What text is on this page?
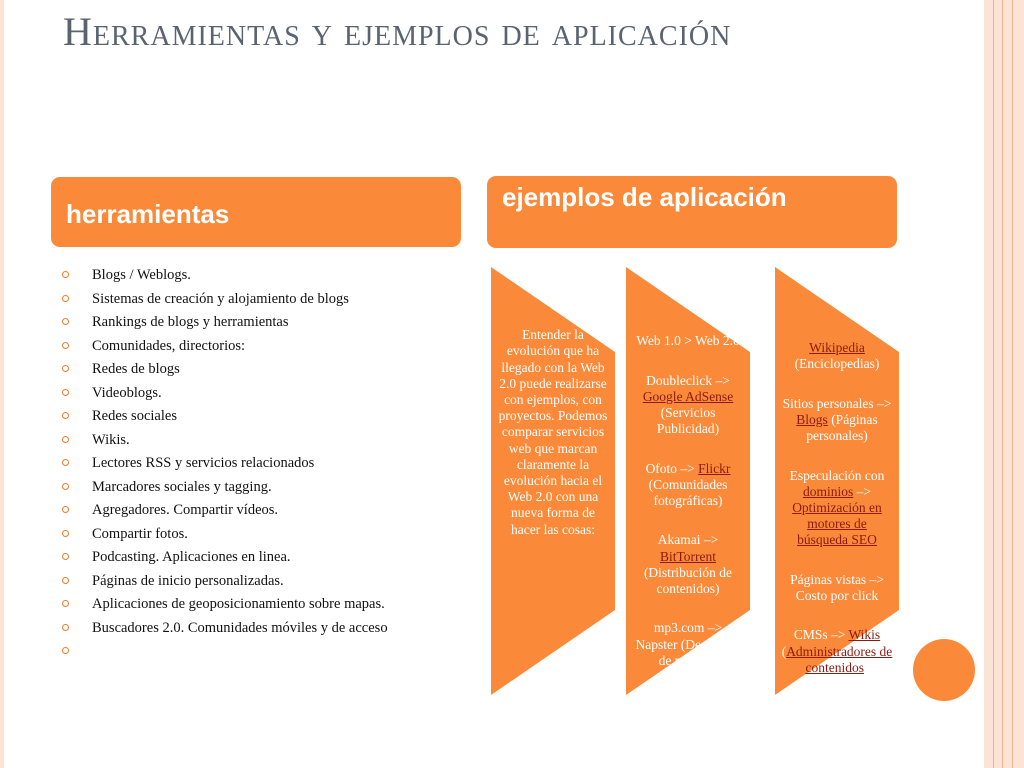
Herramientas y ejemplos de aplicación
herramientas
ejemplos de aplicación
Blogs / Weblogs.
Sistemas de creación y alojamiento de blogs
Rankings de blogs y herramientas
Comunidades, directorios:
Redes de blogs
Videoblogs.
Redes sociales
Wikis.
Lectores RSS y servicios relacionados
Marcadores sociales y tagging.
Agregadores. Compartir vídeos.
Compartir fotos.
Podcasting. Aplicaciones en linea.
Páginas de inicio personalizadas.
Aplicaciones de geoposicionamiento sobre mapas.
Buscadores 2.0. Comunidades móviles y de acceso

Entender la evolución que ha llegado con la Web 2.0 puede realizarse con ejemplos, con proyectos. Podemos comparar servicios web que marcan claramente la evolución hacia el Web 2.0 con una nueva forma de hacer las cosas:

Web 1.0 > Web 2.0

Doubleclick –> Google AdSense (Servicios Publicidad)

Ofoto –> Flickr (Comunidades fotográficas)

Akamai –> BitTorrent (Distribución de contenidos)

mp3.com –> Napster (Descargas de música)

Wikipedia (Enciclopedias)

Sitios personales –> Blogs (Páginas personales)

Especulación con dominios –> Optimización en motores de búsqueda SEO

Páginas vistas –> Costo por click

CMSs –> Wikis (Administradores de contenidos)
